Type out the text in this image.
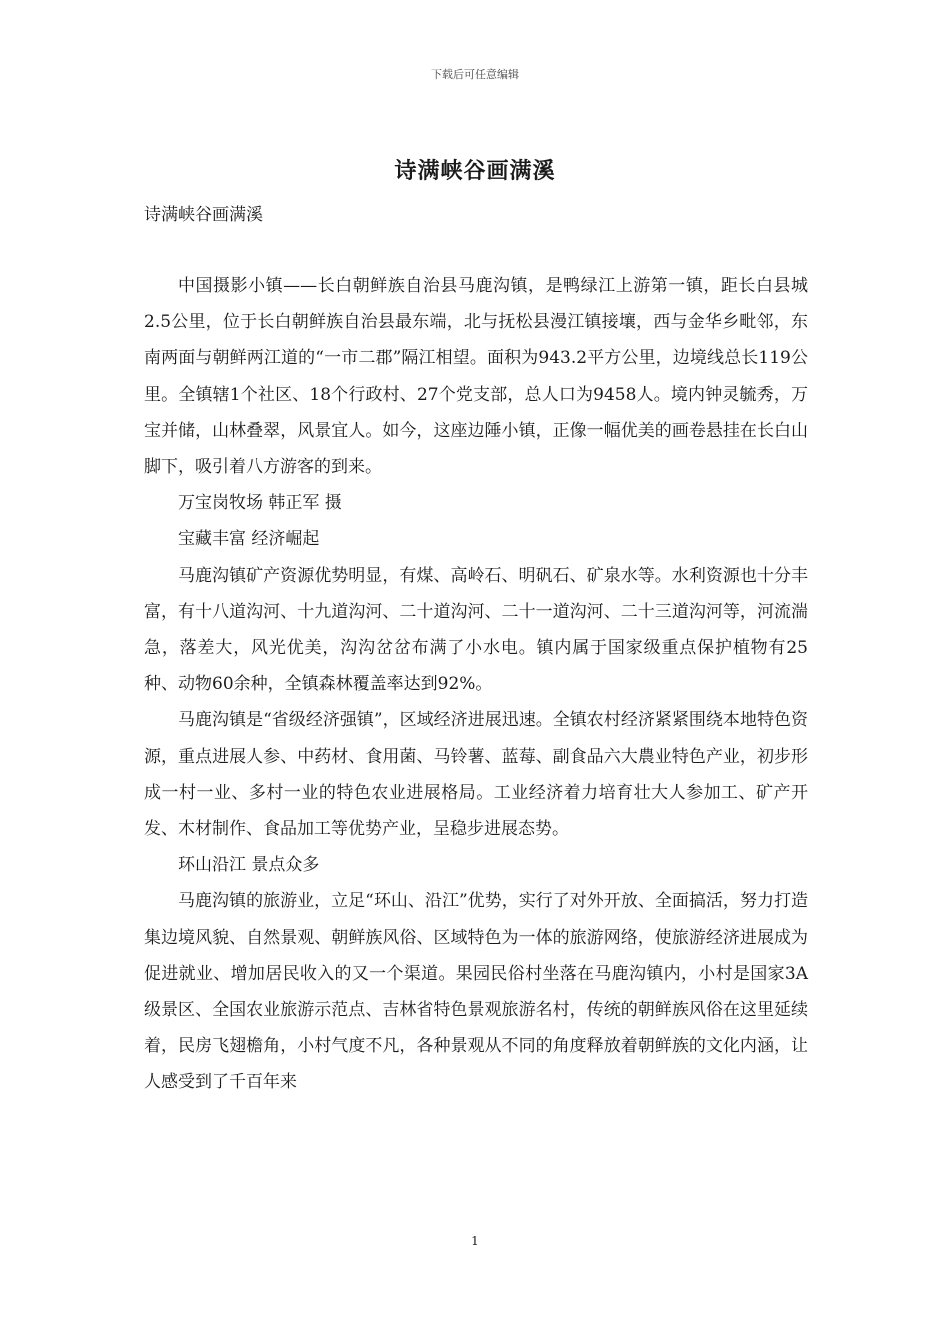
下载后可任意编辑
诗满峡谷画满溪
诗满峡谷画满溪

中国摄影小镇——长白朝鲜族自治县马鹿沟镇，是鸭绿江上游第一镇，距长白县城2.5公里，位于长白朝鲜族自治县最东端，北与抚松县漫江镇接壤，西与金华乡毗邻，东南两面与朝鲜两江道的“一市二郡”隔江相望。面积为943.2平方公里，边境线总长119公里。全镇辖1个社区、18个行政村、27个党支部，总人口为9458人。境内钟灵毓秀，万宝并储，山林叠翠，风景宜人。如今，这座边陲小镇，正像一幅优美的画卷悬挂在长白山脚下，吸引着八方游客的到来。

万宝岗牧场 韩正军 摄

宝藏丰富 经济崛起

马鹿沟镇矿产资源优势明显，有煤、高岭石、明矾石、矿泉水等。水利资源也十分丰富，有十八道沟河、十九道沟河、二十道沟河、二十一道沟河、二十三道沟河等，河流湍急，落差大，风光优美，沟沟岔岔布满了小水电。镇内属于国家级重点保护植物有25种、动物60余种，全镇森林覆盖率达到92%。

马鹿沟镇是“省级经济强镇”，区域经济进展迅速。全镇农村经济紧紧围绕本地特色资源，重点进展人参、中药材、食用菌、马铃薯、蓝莓、副食品六大農业特色产业，初步形成一村一业、多村一业的特色农业进展格局。工业经济着力培育壮大人参加工、矿产开发、木材制作、食品加工等优势产业，呈稳步进展态势。

环山沿江 景点众多

马鹿沟镇的旅游业，立足“环山、沿江”优势，实行了对外开放、全面搞活，努力打造集边境风貌、自然景观、朝鲜族风俗、区域特色为一体的旅游网络，使旅游经济进展成为促进就业、增加居民收入的又一个渠道。果园民俗村坐落在马鹿沟镇内，小村是国家3A级景区、全国农业旅游示范点、吉林省特色景观旅游名村，传统的朝鲜族风俗在这里延续着，民房飞翅檐角，小村气度不凡，各种景观从不同的角度释放着朝鲜族的文化内涵，让人感受到了千百年来

1
